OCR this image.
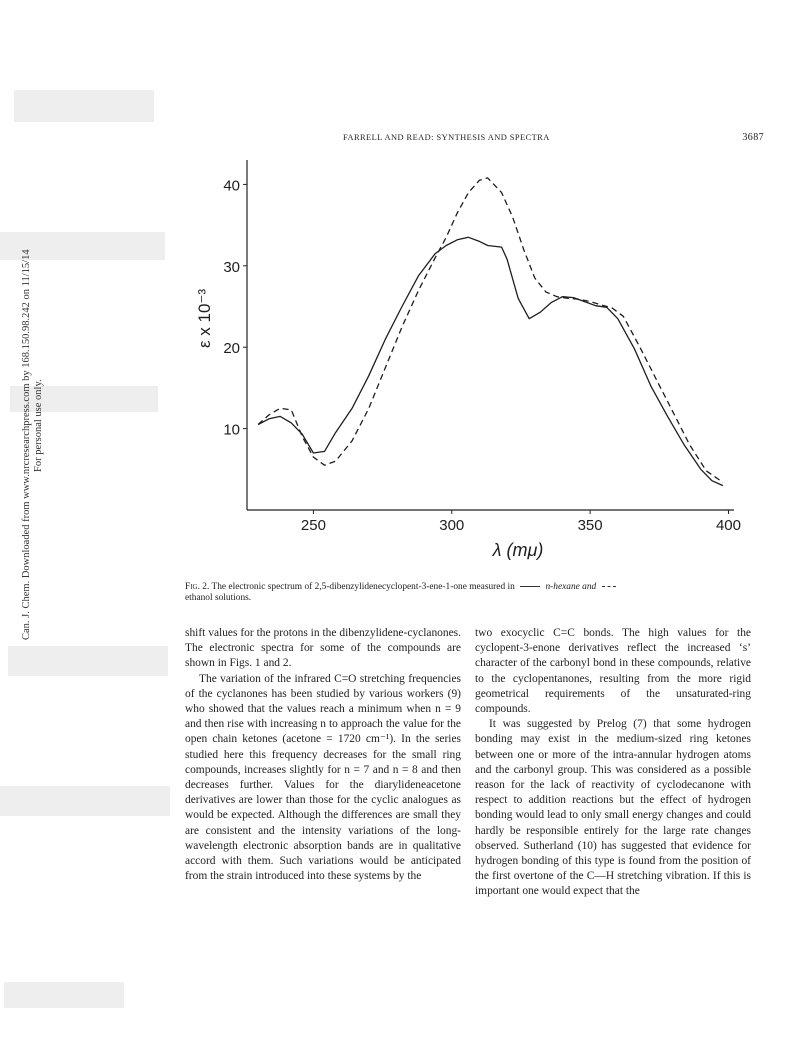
Can. J. Chem. Downloaded from www.nrcresearchpress.com by 168.150.98.242 on 11/15/14 For personal use only.
FARRELL AND READ: SYNTHESIS AND SPECTRA	3687
10
20
30
40
250	300	350	400
ε x 10⁻³
λ (mμ)
Fig. 2. The electronic spectrum of 2,5-dibenzylidenecyclopent-3-ene-1-one measured in	n-hexane and
ethanol solutions.

shift values for the protons in the dibenzylidene-cyclanones. The electronic spectra for some of the compounds are shown in Figs. 1 and 2.

The variation of the infrared C=O stretching frequencies of the cyclanones has been studied by various workers (9) who showed that the values reach a minimum when n = 9 and then rise with increasing n to approach the value for the open chain ketones (acetone = 1720 cm⁻¹). In the series studied here this frequency decreases for the small ring compounds, increases slightly for n = 7 and n = 8 and then decreases further. Values for the diarylideneacetone derivatives are lower than those for the cyclic analogues as would be expected. Although the differences are small they are consistent and the intensity variations of the long-wavelength electronic absorption bands are in qualitative accord with them. Such variations would be anticipated from the strain introduced into these systems by the

two exocyclic C=C bonds. The high values for the cyclopent-3-enone derivatives reflect the increased ‘s’ character of the carbonyl bond in these compounds, relative to the cyclopentanones, resulting from the more rigid geometrical requirements of the unsaturated-ring compounds.

It was suggested by Prelog (7) that some hydrogen bonding may exist in the medium-sized ring ketones between one or more of the intra-annular hydrogen atoms and the carbonyl group. This was considered as a possible reason for the lack of reactivity of cyclodecanone with respect to addition reactions but the effect of hydrogen bonding would lead to only small energy changes and could hardly be responsible entirely for the large rate changes observed. Sutherland (10) has suggested that evidence for hydrogen bonding of this type is found from the position of the first overtone of the C—H stretching vibration. If this is important one would expect that the
